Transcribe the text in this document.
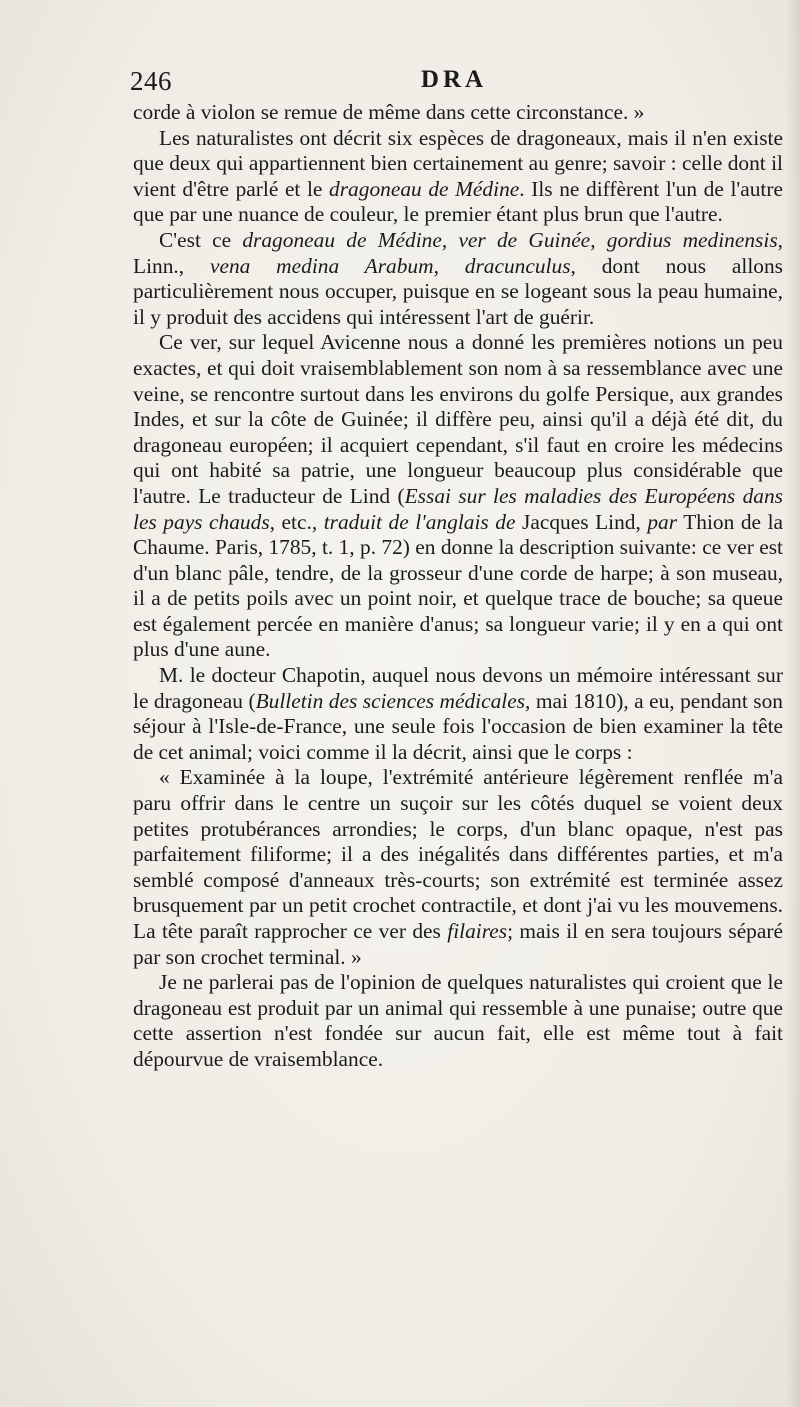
246	DRA

corde à violon se remue de même dans cette circonstance. »

Les naturalistes ont décrit six espèces de dragoneaux, mais il n'en existe que deux qui appartiennent bien certainement au genre; savoir : celle dont il vient d'être parlé et le dragoneau de Médine. Ils ne diffèrent l'un de l'autre que par une nuance de couleur, le premier étant plus brun que l'autre.

C'est ce dragoneau de Médine, ver de Guinée, gordius medinensis, Linn., vena medina Arabum, dracunculus, dont nous allons particulièrement nous occuper, puisque en se logeant sous la peau humaine, il y produit des accidens qui intéressent l'art de guérir.

Ce ver, sur lequel Avicenne nous a donné les premières notions un peu exactes, et qui doit vraisemblablement son nom à sa ressemblance avec une veine, se rencontre surtout dans les environs du golfe Persique, aux grandes Indes, et sur la côte de Guinée; il diffère peu, ainsi qu'il a déjà été dit, du dragoneau européen; il acquiert cependant, s'il faut en croire les médecins qui ont habité sa patrie, une longueur beaucoup plus considérable que l'autre. Le traducteur de Lind (Essai sur les maladies des Européens dans les pays chauds, etc., traduit de l'anglais de Jacques Lind, par Thion de la Chaume. Paris, 1785, t. 1, p. 72) en donne la description suivante: ce ver est d'un blanc pâle, tendre, de la grosseur d'une corde de harpe; à son museau, il a de petits poils avec un point noir, et quelque trace de bouche; sa queue est également percée en manière d'anus; sa longueur varie; il y en a qui ont plus d'une aune.

M. le docteur Chapotin, auquel nous devons un mémoire intéressant sur le dragoneau (Bulletin des sciences médicales, mai 1810), a eu, pendant son séjour à l'Isle-de-France, une seule fois l'occasion de bien examiner la tête de cet animal; voici comme il la décrit, ainsi que le corps :

« Examinée à la loupe, l'extrémité antérieure légèrement renflée m'a paru offrir dans le centre un suçoir sur les côtés duquel se voient deux petites protubérances arrondies; le corps, d'un blanc opaque, n'est pas parfaitement filiforme; il a des inégalités dans différentes parties, et m'a semblé composé d'anneaux très-courts; son extrémité est terminée assez brusquement par un petit crochet contractile, et dont j'ai vu les mouvemens. La tête paraît rapprocher ce ver des filaires; mais il en sera toujours séparé par son crochet terminal. »

Je ne parlerai pas de l'opinion de quelques naturalistes qui croient que le dragoneau est produit par un animal qui ressemble à une punaise; outre que cette assertion n'est fondée sur aucun fait, elle est même tout à fait dépourvue de vraisemblance.
